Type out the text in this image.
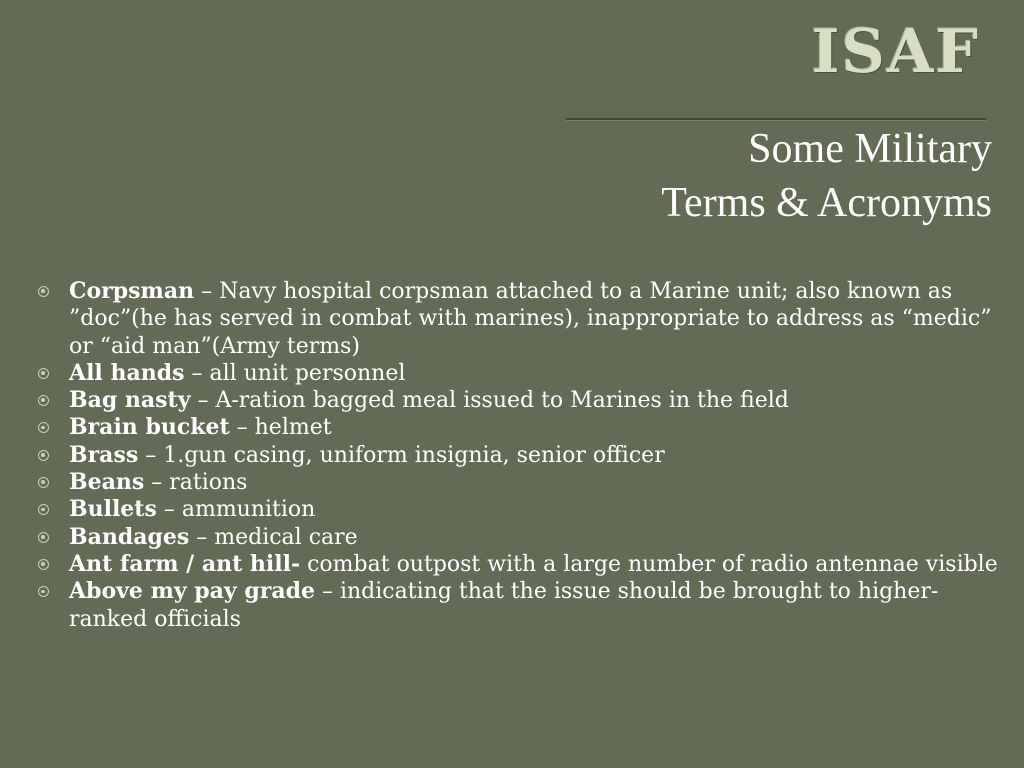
ISAF
Some Military
Terms & Acronyms
Corpsman – Navy hospital corpsman attached to a Marine unit; also known as ”doc”(he has served in combat with marines), inappropriate to address as “medic” or “aid man”(Army terms)
All hands – all unit personnel
Bag nasty – A-ration bagged meal issued to Marines in the field
Brain bucket – helmet
Brass – 1.gun casing, uniform insignia, senior officer
Beans – rations
Bullets – ammunition
Bandages – medical care
Ant farm / ant hill- combat outpost with a large number of radio antennae visible
Above my pay grade – indicating that the issue should be brought to higher-ranked officials
